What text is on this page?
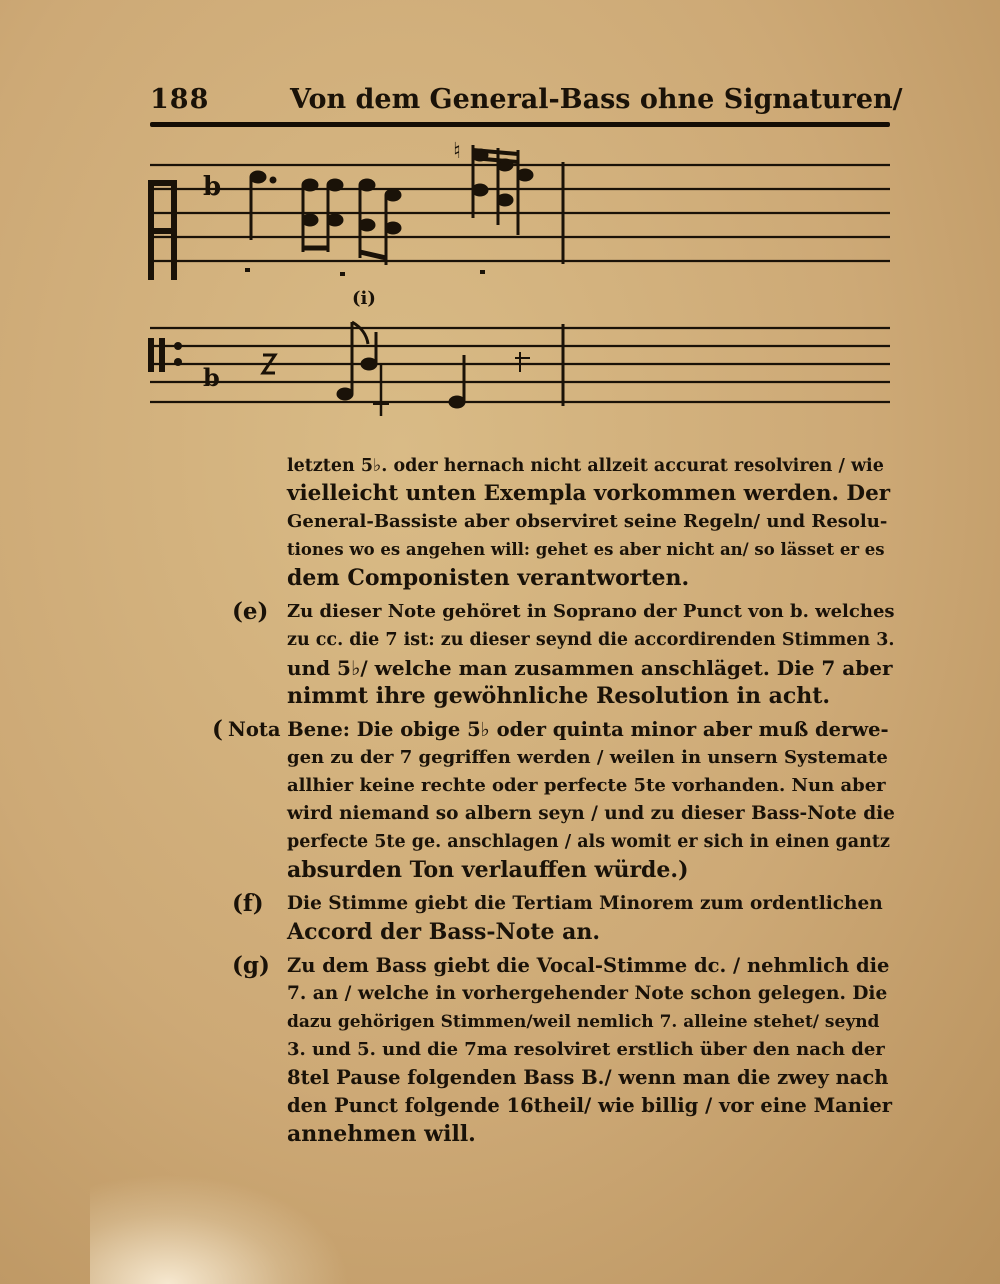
188	Von dem General-Bass ohne Signaturen/
b
♮
b
(i)
letzten 5♭. oder hernach nicht allzeit accurat resolviren / wie
vielleicht unten Exempla vorkommen werden. Der
General-Bassiste aber observiret seine Regeln/ und Resolu-
tiones wo es angehen will: gehet es aber nicht an/ so lässet er es
dem Componisten verantworten.
(e) Zu dieser Note gehöret in Soprano der Punct von b. welches
zu cc. die 7 ist: zu dieser seynd die accordirenden Stimmen 3.
und 5♭/ welche man zusammen anschläget. Die 7 aber
nimmt ihre gewöhnliche Resolution in acht.
( Nota Bene: Die obige 5♭ oder quinta minor aber muß derwe-
gen zu der 7 gegriffen werden / weilen in unsern Systemate
allhier keine rechte oder perfecte 5te vorhanden. Nun aber
wird niemand so albern seyn / und zu dieser Bass-Note die
perfecte 5te ge. anschlagen / als womit er sich in einen gantz
absurden Ton verlauffen würde.)
(f) Die Stimme giebt die Tertiam Minorem zum ordentlichen
Accord der Bass-Note an.
(g) Zu dem Bass giebt die Vocal-Stimme dc. / nehmlich die
7. an / welche in vorhergehender Note schon gelegen. Die
dazu gehörigen Stimmen/weil nemlich 7. alleine stehet/ seynd
3. und 5. und die 7ma resolviret erstlich über den nach der
8tel Pause folgenden Bass B./ wenn man die zwey nach
den Punct folgende 16theil/ wie billig / vor eine Manier
annehmen will.
